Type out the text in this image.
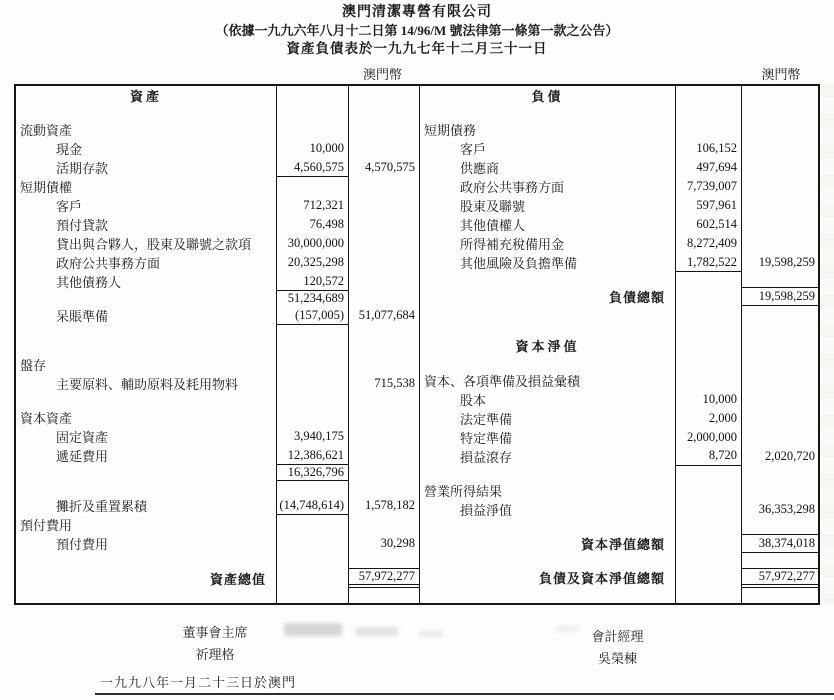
澳門清潔專營有限公司
（依據一九九六年八月十二日第 14/96/M 號法律第一條第一款之公告）
資產負債表於一九九七年十二月三十一日
澳門幣	澳門幣
資產
流動資產
現金	10,000
活期存款	4,560,575	4,570,575
短期債權
客戶	712,321
預付貸款	76,498
貸出與合夥人，股東及聯號之款項	30,000,000
政府公共事務方面	20,325,298
其他債務人	120,572
51,234,689
呆賬準備	(157,005)	51,077,684
盤存
主要原料、輔助原料及耗用物料	715,538
資本資產
固定資產	3,940,175
遞延費用	12,386,621
16,326,796
攤折及重置累積	(14,748,614)	1,578,182
預付費用
預付費用	30,298
資產總值	57,972,277
負債
短期債務
客戶	106,152
供應商	497,694
政府公共事務方面	7,739,007
股東及聯號	597,961
其他債權人	602,514
所得補充稅備用金	8,272,409
其他風險及負擔準備	1,782,522	19,598,259
負債總額	19,598,259
資本淨值
資本、各項準備及損益彙積
股本	10,000
法定準備	2,000
特定準備	2,000,000
損益滾存	8,720	2,020,720
營業所得結果
損益淨值	36,353,298
資本淨值總額	38,374,018
負債及資本淨值總額	57,972,277
董事會主席
祈理格
會計經理
吳榮棟
一九九八年一月二十三日於澳門
